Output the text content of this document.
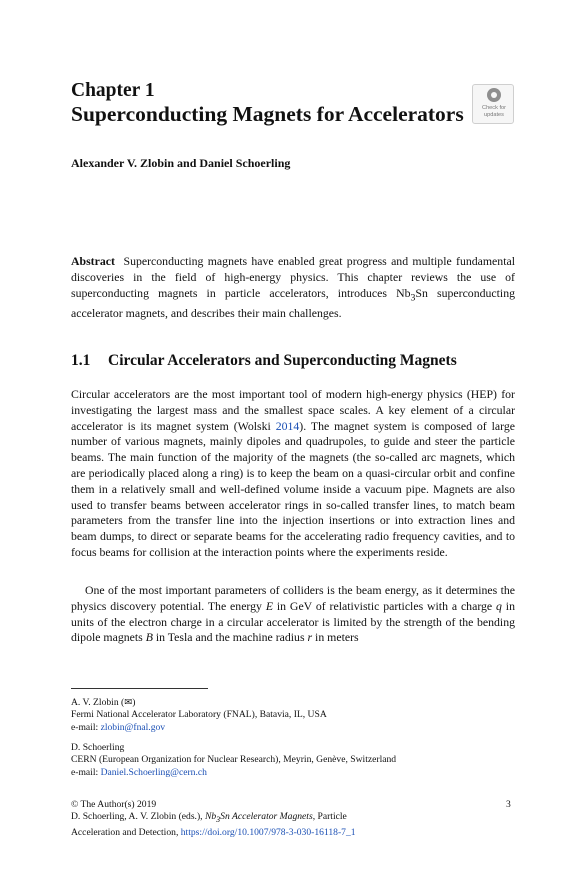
Chapter 1
Superconducting Magnets for Accelerators	Check for
updates
Alexander V. Zlobin and Daniel Schoerling
Abstract Superconducting magnets have enabled great progress and multiple fundamental discoveries in the field of high-energy physics. This chapter reviews the use of superconducting magnets in particle accelerators, introduces $Nb_3Sn$ superconducting accelerator magnets, and describes their main challenges.
1.1 Circular Accelerators and Superconducting Magnets
Circular accelerators are the most important tool of modern high-energy physics (HEP) for investigating the largest mass and the smallest space scales. A key element of a circular accelerator is its magnet system (Wolski 2014). The magnet system is composed of large number of various magnets, mainly dipoles and quadrupoles, to guide and steer the particle beams. The main function of the majority of the magnets (the so-called arc magnets, which are periodically placed along a ring) is to keep the beam on a quasi-circular orbit and confine them in a relatively small and well-defined volume inside a vacuum pipe. Magnets are also used to transfer beams between accelerator rings in so-called transfer lines, to match beam parameters from the transfer line into the injection insertions or into extraction lines and beam dumps, to direct or separate beams for the accelerating radio frequency cavities, and to focus beams for collision at the interaction points where the experiments reside.
One of the most important parameters of colliders is the beam energy, as it determines the physics discovery potential. The energy E in GeV of relativistic particles with a charge q in units of the electron charge in a circular accelerator is limited by the strength of the bending dipole magnets B in Tesla and the machine radius r in meters
A. V. Zlobin (✉)
Fermi National Accelerator Laboratory (FNAL), Batavia, IL, USA
e-mail: zlobin@fnal.gov
D. Schoerling
CERN (European Organization for Nuclear Research), Meyrin, Genève, Switzerland
e-mail: Daniel.Schoerling@cern.ch
© The Author(s) 2019
D. Schoerling, A. V. Zlobin (eds.), $Nb_3Sn$ Accelerator Magnets, Particle
Acceleration and Detection, https://doi.org/10.1007/978-3-030-16118-7_1
3
